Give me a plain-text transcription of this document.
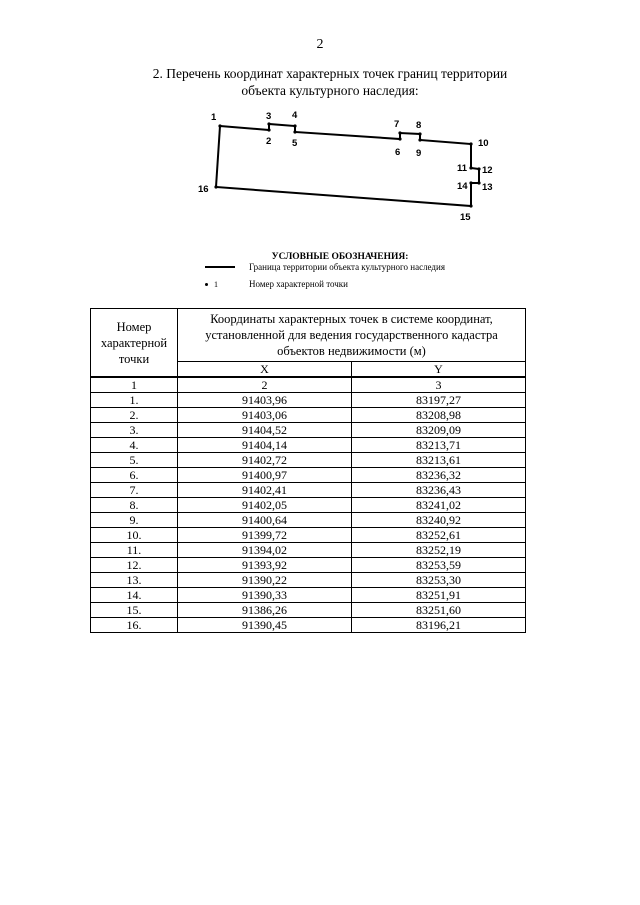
2
2. Перечень координат характерных точек границ территории
объекта культурного наследия:
1
2
3 4
5
6
7 8
9
10
11 12
13
14
15
16
УСЛОВНЫЕ ОБОЗНАЧЕНИЯ:
Граница территории объекта культурного наследия
1	Номер характерной точки
Номер характерной точки	Координаты характерных точек в системе координат, установленной для ведения государственного кадастра объектов недвижимости (м)	
	X	Y
1	2	3
1.	91403,96	83197,27
2.	91403,06	83208,98
3.	91404,52	83209,09
4.	91404,14	83213,71
5.	91402,72	83213,61
6.	91400,97	83236,32
7.	91402,41	83236,43
8.	91402,05	83241,02
9.	91400,64	83240,92
10.	91399,72	83252,61
11.	91394,02	83252,19
12.	91393,92	83253,59
13.	91390,22	83253,30
14.	91390,33	83251,91
15.	91386,26	83251,60
16.	91390,45	83196,21
